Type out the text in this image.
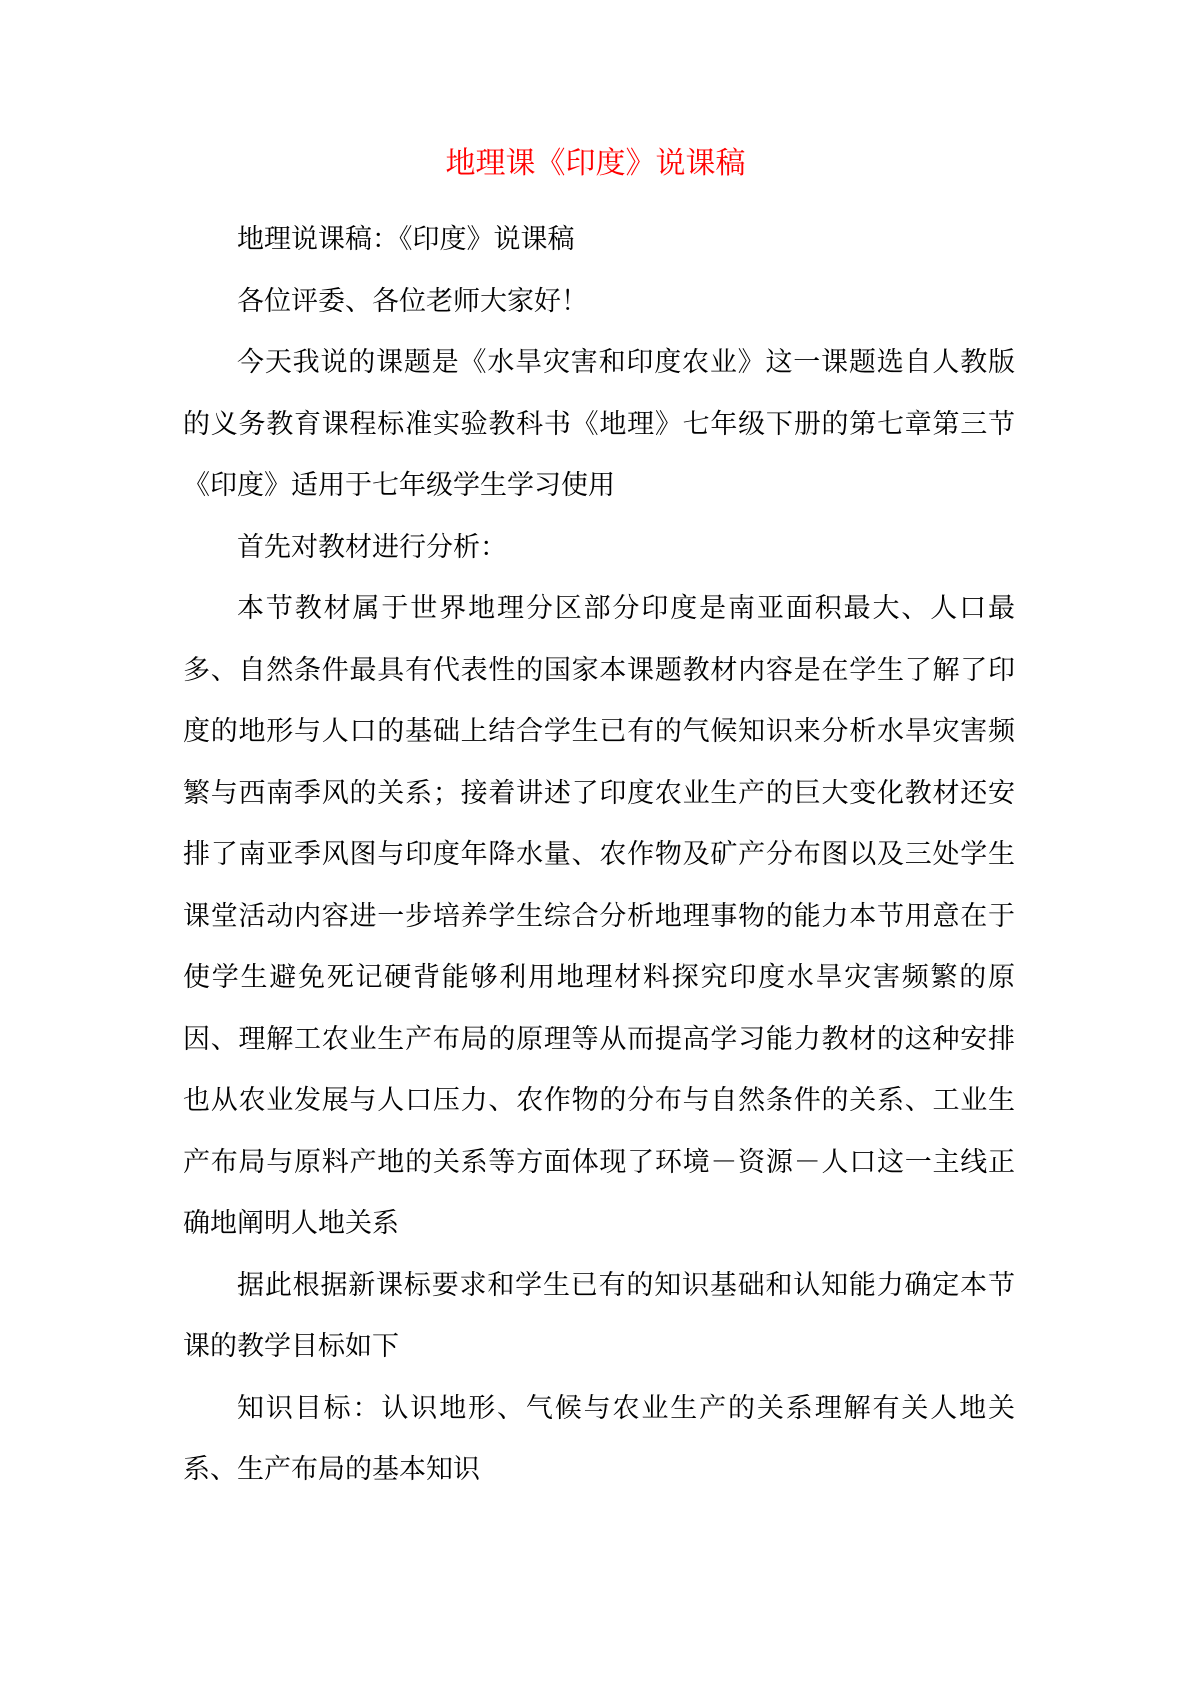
地理课《印度》说课稿

地理说课稿：《印度》说课稿

各位评委、各位老师大家好！

今天我说的课题是《水旱灾害和印度农业》这一课题选自人教版的义务教育课程标准实验教科书《地理》七年级下册的第七章第三节《印度》适用于七年级学生学习使用

首先对教材进行分析：

本节教材属于世界地理分区部分印度是南亚面积最大、人口最多、自然条件最具有代表性的国家本课题教材内容是在学生了解了印度的地形与人口的基础上结合学生已有的气候知识来分析水旱灾害频繁与西南季风的关系；接着讲述了印度农业生产的巨大变化教材还安排了南亚季风图与印度年降水量、农作物及矿产分布图以及三处学生课堂活动内容进一步培养学生综合分析地理事物的能力本节用意在于使学生避免死记硬背能够利用地理材料探究印度水旱灾害频繁的原因、理解工农业生产布局的原理等从而提高学习能力教材的这种安排也从农业发展与人口压力、农作物的分布与自然条件的关系、工业生产布局与原料产地的关系等方面体现了环境－资源－人口这一主线正确地阐明人地关系

据此根据新课标要求和学生已有的知识基础和认知能力确定本节课的教学目标如下

知识目标：认识地形、气候与农业生产的关系理解有关人地关系、生产布局的基本知识
